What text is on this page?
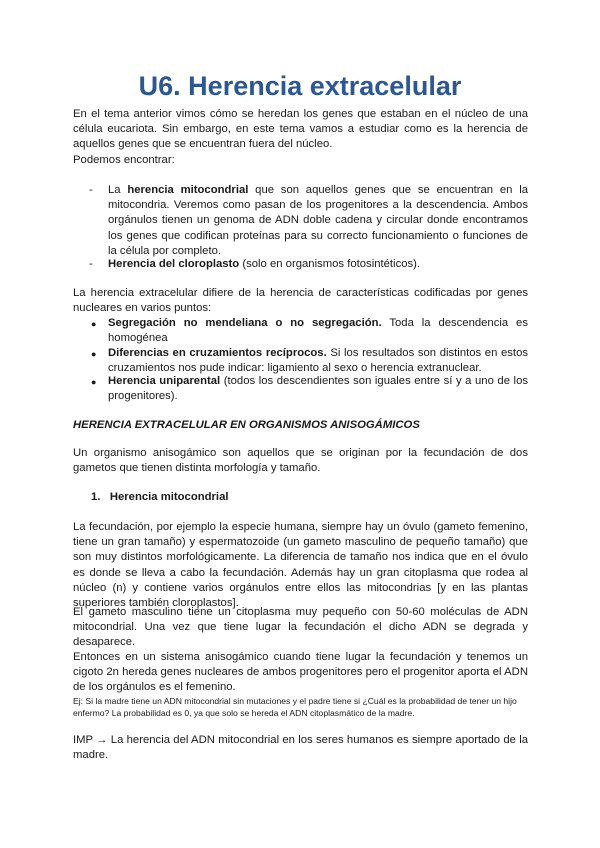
U6. Herencia extracelular

En el tema anterior vimos cómo se heredan los genes que estaban en el núcleo de una célula eucariota. Sin embargo, en este tema vamos a estudiar como es la herencia de aquellos genes que se encuentran fuera del núcleo.

Podemos encontrar:

-	La herencia mitocondrial que son aquellos genes que se encuentran en la mitocondria. Veremos como pasan de los progenitores a la descendencia. Ambos orgánulos tienen un genoma de ADN doble cadena y circular donde encontramos los genes que codifican proteínas para su correcto funcionamiento o funciones de la célula por completo.

-	Herencia del cloroplasto (solo en organismos fotosintéticos).

La herencia extracelular difiere de la herencia de características codificadas por genes nucleares en varios puntos:

● Segregación no mendeliana o no segregación. Toda la descendencia es homogénea

● Diferencias en cruzamientos recíprocos. Si los resultados son distintos en estos cruzamientos nos pude indicar: ligamiento al sexo o herencia extranuclear.

● Herencia uniparental (todos los descendientes son iguales entre sí y a uno de los progenitores).

HERENCIA EXTRACELULAR EN ORGANISMOS ANISOGÁMICOS

Un organismo anisogámico son aquellos que se originan por la fecundación de dos gametos que tienen distinta morfología y tamaño.

1. Herencia mitocondrial

La fecundación, por ejemplo la especie humana, siempre hay un óvulo (gameto femenino, tiene un gran tamaño) y espermatozoide (un gameto masculino de pequeño tamaño) que son muy distintos morfológicamente. La diferencia de tamaño nos indica que en el óvulo es donde se lleva a cabo la fecundación. Además hay un gran citoplasma que rodea al núcleo (n) y contiene varios orgánulos entre ellos las mitocondrias [y en las plantas superiores también cloroplastos].

El gameto masculino tiene un citoplasma muy pequeño con 50-60 moléculas de ADN mitocondrial. Una vez que tiene lugar la fecundación el dicho ADN se degrada y desaparece.

Entonces en un sistema anisogámico cuando tiene lugar la fecundación y tenemos un cigoto 2n hereda genes nucleares de ambos progenitores pero el progenitor aporta el ADN de los orgánulos es el femenino.

Ej: Si la madre tiene un ADN mitocondrial sin mutaciones y el padre tiene si ¿Cuál es la probabilidad de tener un hijo enfermo? La probabilidad es 0, ya que solo se hereda el ADN citoplasmático de la madre.

IMP → La herencia del ADN mitocondrial en los seres humanos es siempre aportado de la madre.
